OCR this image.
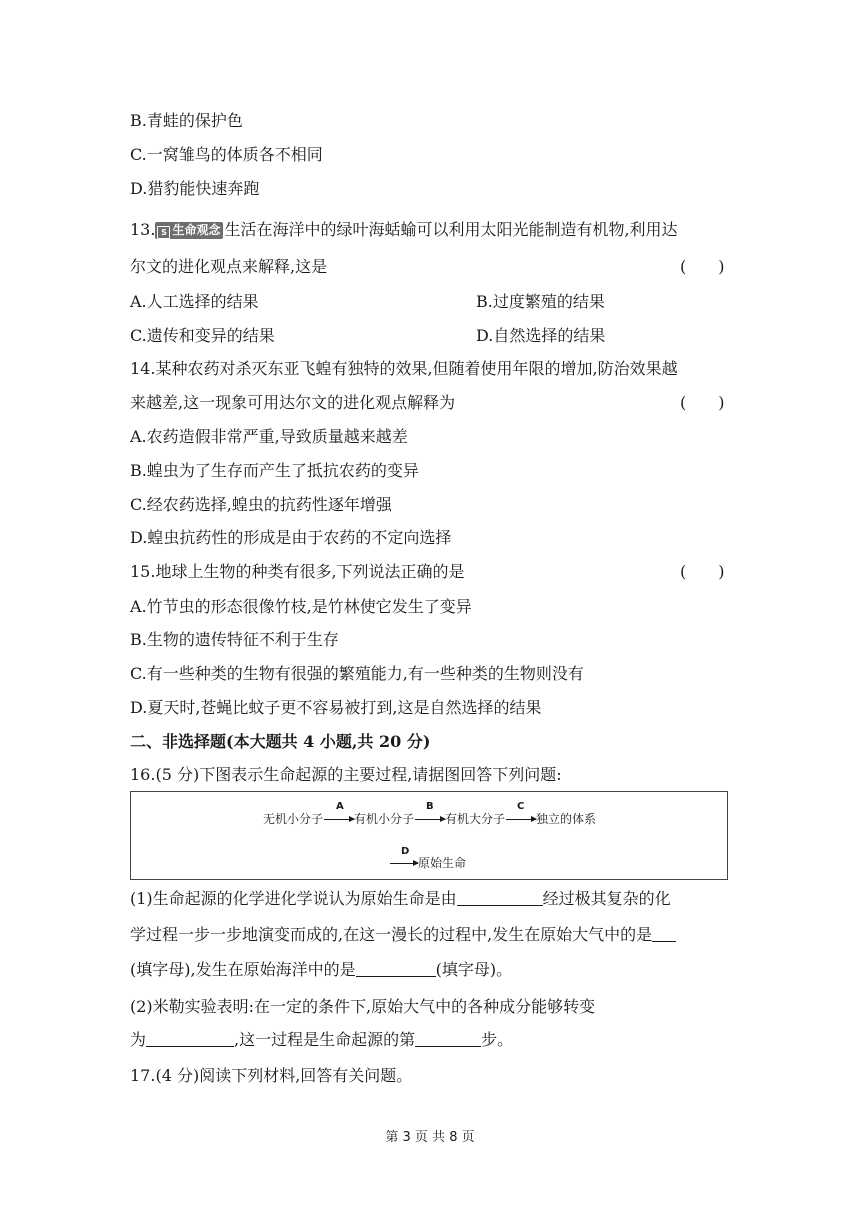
B.青蛙的保护色
C.一窝雏鸟的体质各不相同
D.猎豹能快速奔跑
13. S 生命观念 生活在海洋中的绿叶海蛞蝓可以利用太阳光能制造有机物,利用达
尔文的进化观点来解释,这是	(　　)
A.人工选择的结果	B.过度繁殖的结果
C.遗传和变异的结果	D.自然选择的结果
14.某种农药对杀灭东亚飞蝗有独特的效果,但随着使用年限的增加,防治效果越
来越差,这一现象可用达尔文的进化观点解释为	(　　)
A.农药造假非常严重,导致质量越来越差
B.蝗虫为了生存而产生了抵抗农药的变异
C.经农药选择,蝗虫的抗药性逐年增强
D.蝗虫抗药性的形成是由于农药的不定向选择
15.地球上生物的种类有很多,下列说法正确的是	(　　)
A.竹节虫的形态很像竹枝,是竹林使它发生了变异
B.生物的遗传特征不利于生存
C.有一些种类的生物有很强的繁殖能力,有一些种类的生物则没有
D.夏天时,苍蝇比蚊子更不容易被打到,这是自然选择的结果
二、非选择题(本大题共 4 小题,共 20 分)
16.(5 分)下图表示生命起源的主要过程,请据图回答下列问题:
无机小分子
A
有机小分子
B
有机大分子
C
独立的体系
D
原始生命
(1)生命起源的化学进化学说认为原始生命是由	经过极其复杂的化
学过程一步一步地演变而成的,在这一漫长的过程中,发生在原始大气中的是
(填字母),发生在原始海洋中的是	(填字母)。
(2)米勒实验表明:在一定的条件下,原始大气中的各种成分能够转变
为	,这一过程是生命起源的第	步。
17.(4 分)阅读下列材料,回答有关问题。
第 3 页 共 8 页
